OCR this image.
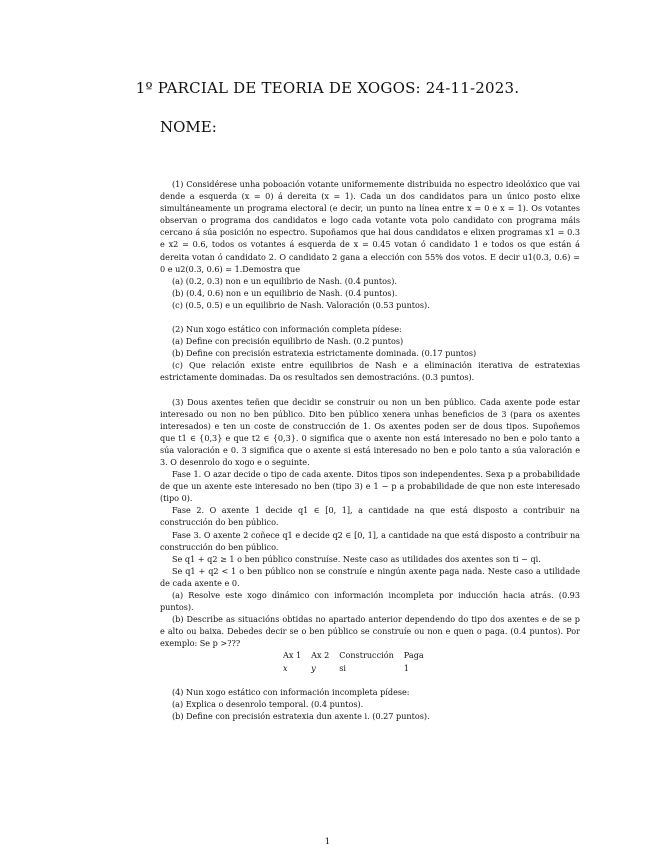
1º PARCIAL DE TEORIA DE XOGOS: 24-11-2023.
NOME:

(1) Considérese unha poboación votante uniformemente distribuida no espectro ideolóxico que vai dende a esquerda (x = 0) á dereita (x = 1). Cada un dos candidatos para un único posto elixe simultáneamente un programa electoral (e decir, un punto na línea entre x = 0 e x = 1). Os votantes observan o programa dos candidatos e logo cada votante vota polo candidato con programa máis cercano á súa posición no espectro. Supoñamos que hai dous candidatos e elixen programas x1 = 0.3 e x2 = 0.6, todos os votantes á esquerda de x = 0.45 votan ó candidato 1 e todos os que están á dereita votan ó candidato 2. O candidato 2 gana a elección con 55% dos votos. E decir u1(0.3, 0.6) = 0 e u2(0.3, 0.6) = 1.Demostra que

(a) (0.2, 0.3) non e un equilibrio de Nash. (0.4 puntos).

(b) (0.4, 0.6) non e un equilibrio de Nash. (0.4 puntos).

(c) (0.5, 0.5) e un equilibrio de Nash. Valoración (0.53 puntos).

(2) Nun xogo estático con información completa pídese:

(a) Define con precisión equilibrio de Nash. (0.2 puntos)

(b) Define con precisión estratexia estrictamente dominada. (0.17 puntos)

(c) Que relación existe entre equilibrios de Nash e a eliminación iterativa de estratexias estrictamente dominadas. Da os resultados sen demostracións. (0.3 puntos).

(3) Dous axentes teñen que decidir se construir ou non un ben público. Cada axente pode estar interesado ou non no ben público. Dito ben público xenera unhas beneficios de 3 (para os axentes interesados) e ten un coste de construcción de 1. Os axentes poden ser de dous tipos. Supoñemos que t1 ∈ {0,3} e que t2 ∈ {0,3}. 0 significa que o axente non está interesado no ben e polo tanto a súa valoración e 0. 3 significa que o axente si está interesado no ben e polo tanto a súa valoración e 3. O desenrolo do xogo e o seguinte.

Fase 1. O azar decide o tipo de cada axente. Ditos tipos son independentes. Sexa p a probabilidade de que un axente este interesado no ben (tipo 3) e 1 − p a probabilidade de que non este interesado (tipo 0).

Fase 2. O axente 1 decide q1 ∈ [0, 1], a cantidade na que está disposto a contribuir na construcción do ben público.

Fase 3. O axente 2 coñece q1 e decide q2 ∈ [0, 1], a cantidade na que está disposto a contribuir na construcción do ben público.

Se q1 + q2 ≥ 1 o ben público construíse. Neste caso as utilidades dos axentes son ti − qi.

Se q1 + q2 < 1 o ben público non se construíe e ningún axente paga nada. Neste caso a utilidade de cada axente e 0.

(a) Resolve este xogo dinámico con información incompleta por inducción hacia atrás. (0.93 puntos).

(b) Describe as situacións obtidas no apartado anterior dependendo do tipo dos axentes e de se p e alto ou baixa. Debedes decir se o ben público se construíe ou non e quen o paga. (0.4 puntos). Por exemplo: Se p >???

Ax 1	Ax 2	Construcción	Paga
x	y	si	1

(4) Nun xogo estático con información incompleta pídese:

(a) Explica o desenrolo temporal. (0.4 puntos).

(b) Define con precisión estratexia dun axente i. (0.27 puntos).

1
